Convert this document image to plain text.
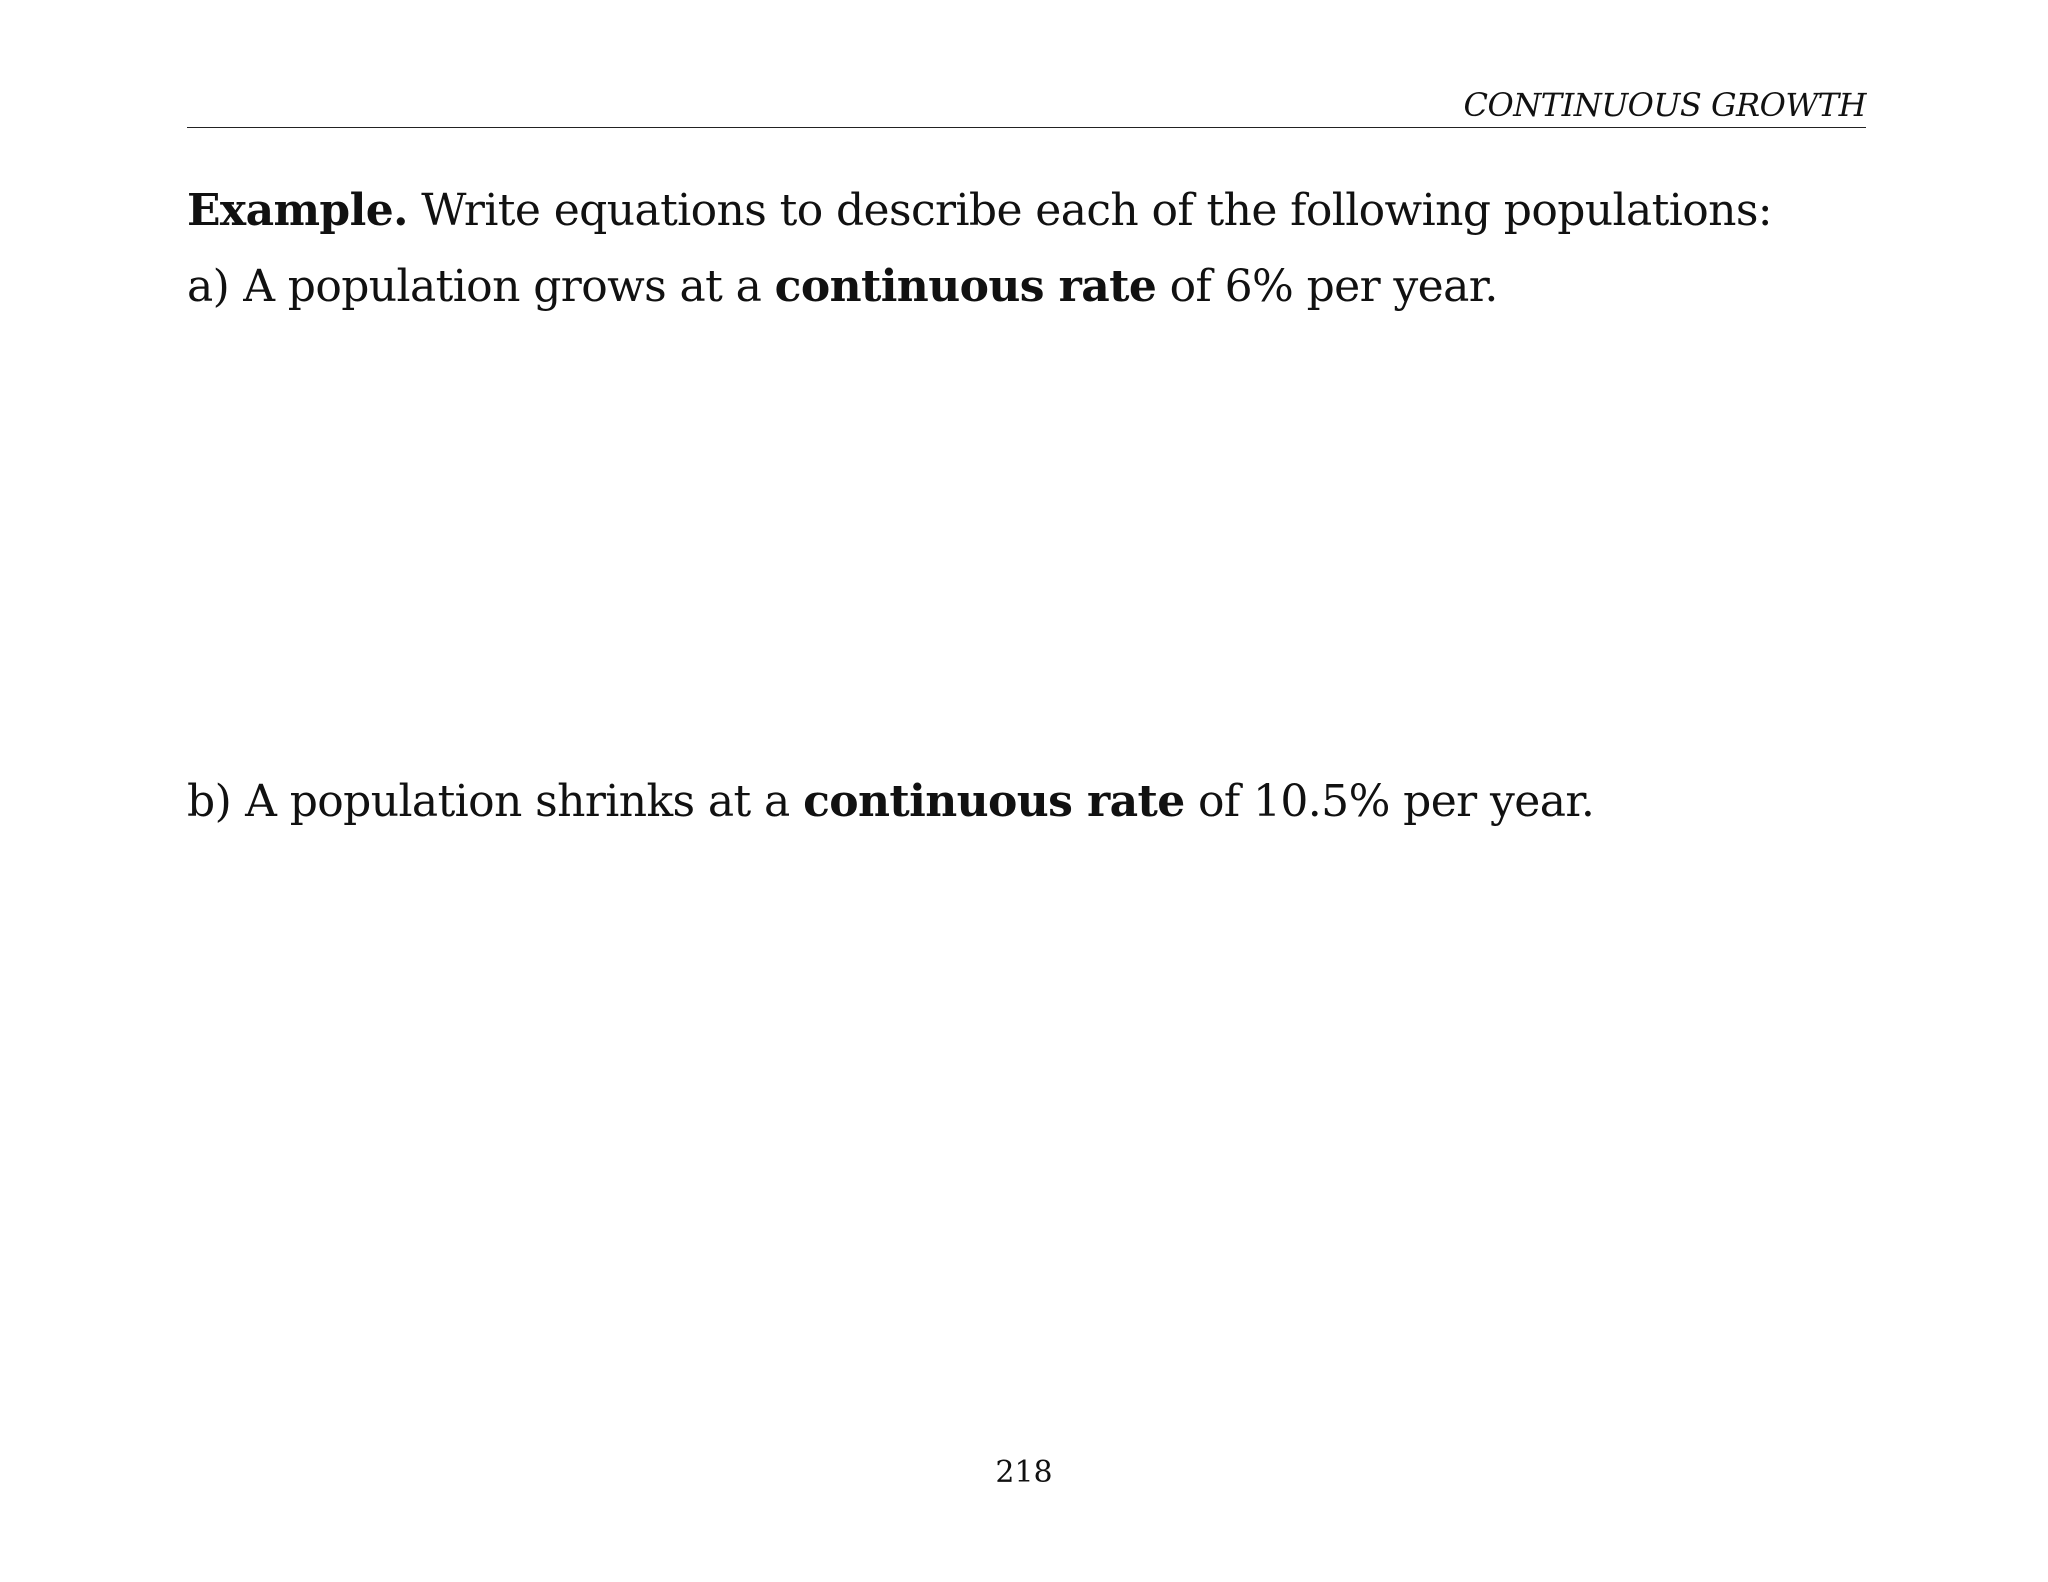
CONTINUOUS GROWTH
Example. Write equations to describe each of the following populations:
a) A population grows at a continuous rate of 6% per year.
b) A population shrinks at a continuous rate of 10.5% per year.
218
